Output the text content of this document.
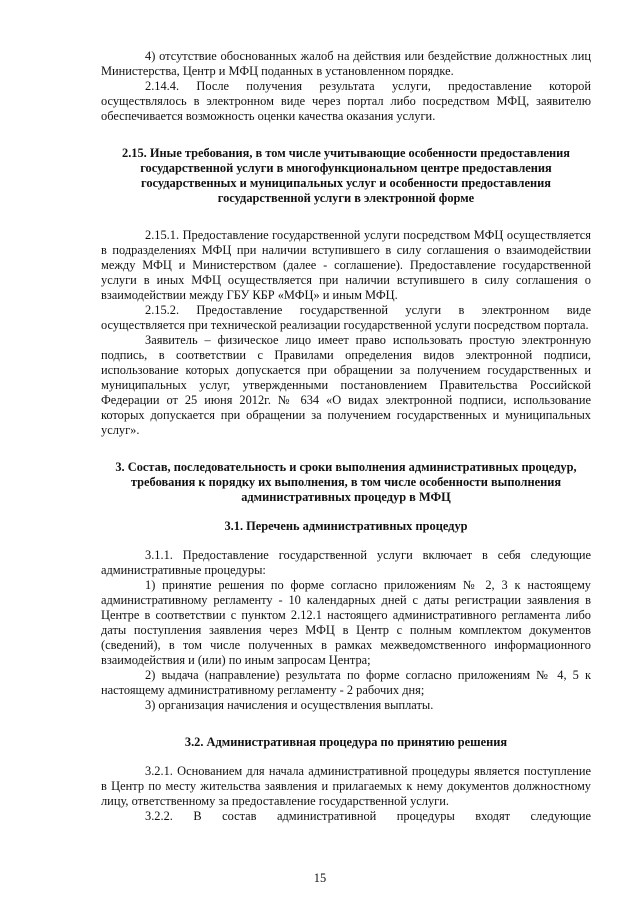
4) отсутствие обоснованных жалоб на действия или бездействие должностных лиц Министерства, Центр и МФЦ поданных в установленном порядке.

2.14.4. После получения результата услуги, предоставление которой осуществлялось в электронном виде через портал либо посредством МФЦ, заявителю обеспечивается возможность оценки качества оказания услуги.

2.15. Иные требования, в том числе учитывающие особенности предоставления государственной услуги в многофункциональном центре предоставления государственных и муниципальных услуг и особенности предоставления государственной услуги в электронной форме

2.15.1. Предоставление государственной услуги посредством МФЦ осуществляется в подразделениях МФЦ при наличии вступившего в силу соглашения о взаимодействии между МФЦ и Министерством (далее - соглашение). Предоставление государственной услуги в иных МФЦ осуществляется при наличии вступившего в силу соглашения о взаимодействии между ГБУ КБР «МФЦ» и иным МФЦ.

2.15.2. Предоставление государственной услуги в электронном виде осуществляется при технической реализации государственной услуги посредством портала.

Заявитель – физическое лицо имеет право использовать простую электронную подпись, в соответствии с Правилами определения видов электронной подписи, использование которых допускается при обращении за получением государственных и муниципальных услуг, утвержденными постановлением Правительства Российской Федерации от 25 июня 2012г. № 634 «О видах электронной подписи, использование которых допускается при обращении за получением государственных и муниципальных услуг».

3. Состав, последовательность и сроки выполнения административных процедур, требования к порядку их выполнения, в том числе особенности выполнения административных процедур в МФЦ
3.1. Перечень административных процедур

3.1.1. Предоставление государственной услуги включает в себя следующие административные процедуры:

1) принятие решения по форме согласно приложениям № 2, 3 к настоящему административному регламенту - 10 календарных дней с даты регистрации заявления в Центре в соответствии с пунктом 2.12.1 настоящего административного регламента либо даты поступления заявления через МФЦ в Центр с полным комплектом документов (сведений), в том числе полученных в рамках межведомственного информационного взаимодействия и (или) по иным запросам Центра;

2) выдача (направление) результата по форме согласно приложениям № 4, 5 к настоящему административному регламенту - 2 рабочих дня;

3) организация начисления и осуществления выплаты.

3.2. Административная процедура по принятию решения

3.2.1. Основанием для начала административной процедуры является поступление в Центр по месту жительства заявления и прилагаемых к нему документов должностному лицу, ответственному за предоставление государственной услуги.

3.2.2. В состав административной процедуры входят следующие

15
